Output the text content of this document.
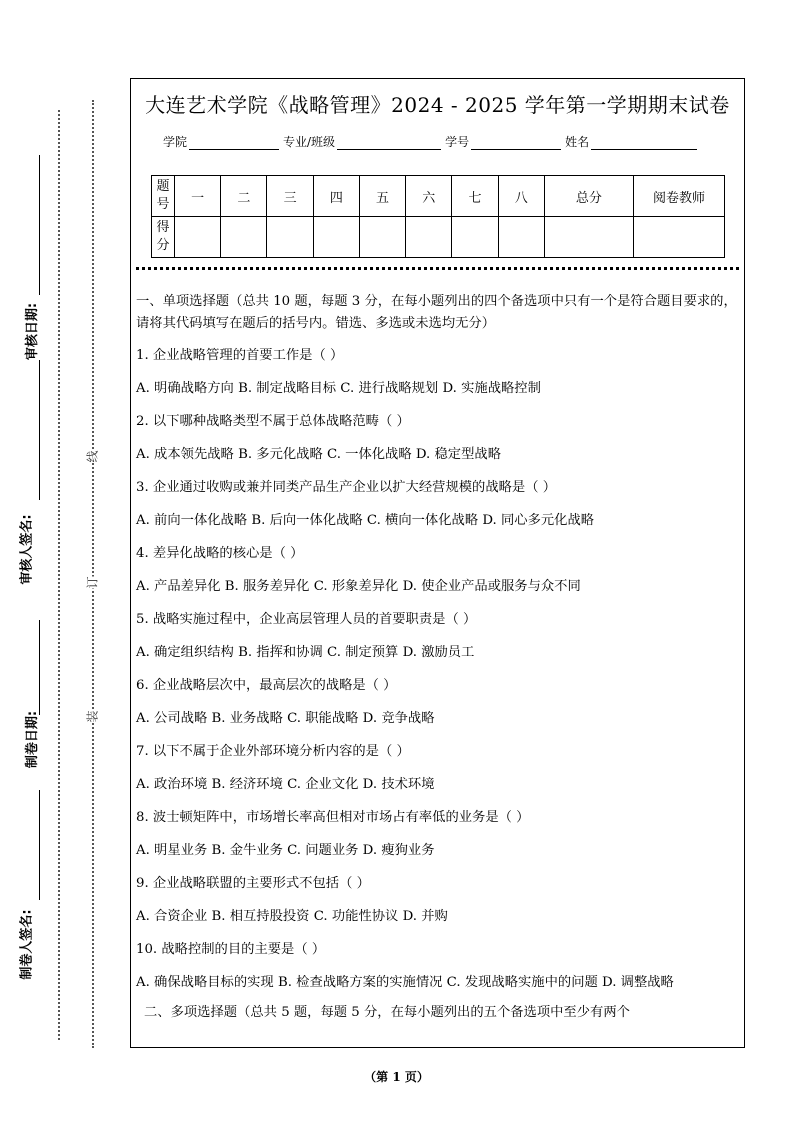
审核日期:
审核人签名:
制卷日期:
制卷人签名:
线
订
装
大连艺术学院《战略管理》2024 - 2025 学年第一学期期末试卷
学院	专业/班级	学号	姓名
题号	一	二	三	四	五	六	七	八	总分	阅卷教师
得分										

一、单项选择题（总共 10 题，每题 3 分，在每小题列出的四个备选项中只有一个是符合题目要求的，请将其代码填写在题后的括号内。错选、多选或未选均无分）

1. 企业战略管理的首要工作是（ ）

A. 明确战略方向 B. 制定战略目标 C. 进行战略规划 D. 实施战略控制

2. 以下哪种战略类型不属于总体战略范畴（ ）

A. 成本领先战略 B. 多元化战略 C. 一体化战略 D. 稳定型战略

3. 企业通过收购或兼并同类产品生产企业以扩大经营规模的战略是（ ）

A. 前向一体化战略 B. 后向一体化战略 C. 横向一体化战略 D. 同心多元化战略

4. 差异化战略的核心是（ ）

A. 产品差异化 B. 服务差异化 C. 形象差异化 D. 使企业产品或服务与众不同

5. 战略实施过程中，企业高层管理人员的首要职责是（ ）

A. 确定组织结构 B. 指挥和协调 C. 制定预算 D. 激励员工

6. 企业战略层次中，最高层次的战略是（ ）

A. 公司战略 B. 业务战略 C. 职能战略 D. 竞争战略

7. 以下不属于企业外部环境分析内容的是（ ）

A. 政治环境 B. 经济环境 C. 企业文化 D. 技术环境

8. 波士顿矩阵中，市场增长率高但相对市场占有率低的业务是（ ）

A. 明星业务 B. 金牛业务 C. 问题业务 D. 瘦狗业务

9. 企业战略联盟的主要形式不包括（ ）

A. 合资企业 B. 相互持股投资 C. 功能性协议 D. 并购

10. 战略控制的目的主要是（ ）

A. 确保战略目标的实现 B. 检查战略方案的实施情况 C. 发现战略实施中的问题 D. 调整战略

二、多项选择题（总共 5 题，每题 5 分，在每小题列出的五个备选项中至少有两个
（第 1 页）
